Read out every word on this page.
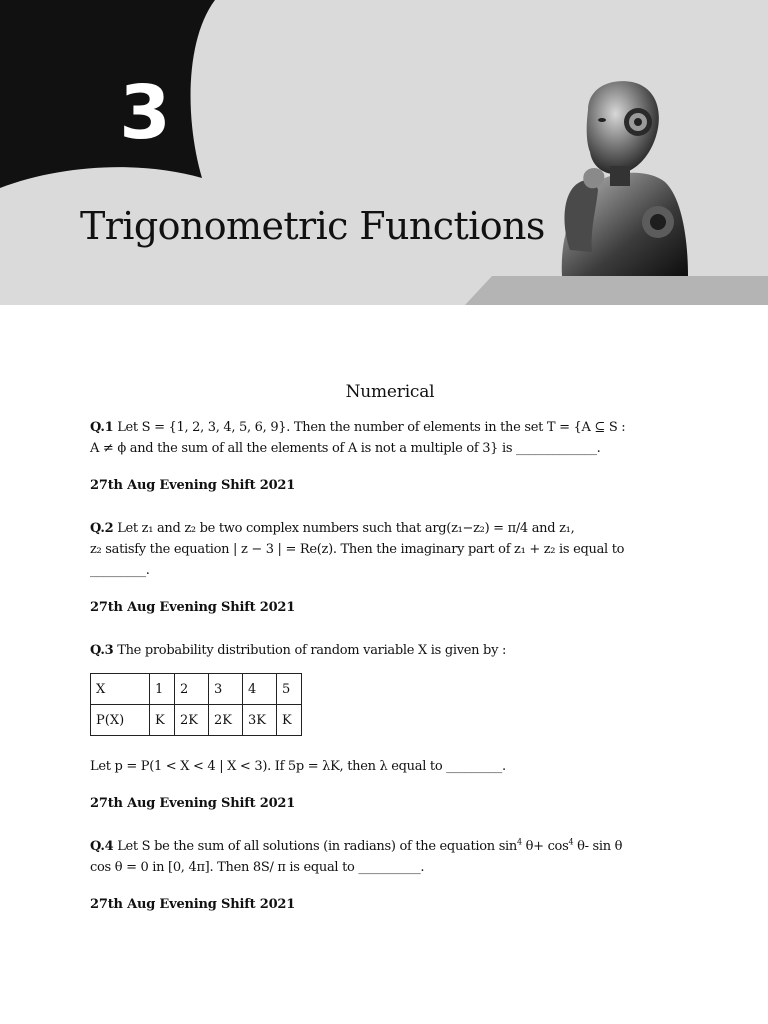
3
Trigonometric Functions
Numerical
Q.1 Let S = {1, 2, 3, 4, 5, 6, 9}. Then the number of elements in the set T = {A ⊆ S :
A ≠ ϕ and the sum of all the elements of A is not a multiple of 3} is _____________.
27th Aug Evening Shift 2021
Q.2 Let z₁ and z₂ be two complex numbers such that arg(z₁−z₂) = π/4 and z₁,
z₂ satisfy the equation | z − 3 | = Re(z). Then the imaginary part of z₁ + z₂ is equal to
_________.
27th Aug Evening Shift 2021
Q.3 The probability distribution of random variable X is given by :
X	1	2	3	4	5
P(X)	K	2K	2K	3K	K
Let p = P(1 < X < 4 | X < 3). If 5p = λK, then λ equal to _________.
27th Aug Evening Shift 2021
Q.4 Let S be the sum of all solutions (in radians) of the equation $\sin^4 \theta+ \cos^4 \theta-$ sin θ
cos θ = 0 in [0, 4π]. Then 8S/ π is equal to __________.
27th Aug Evening Shift 2021
